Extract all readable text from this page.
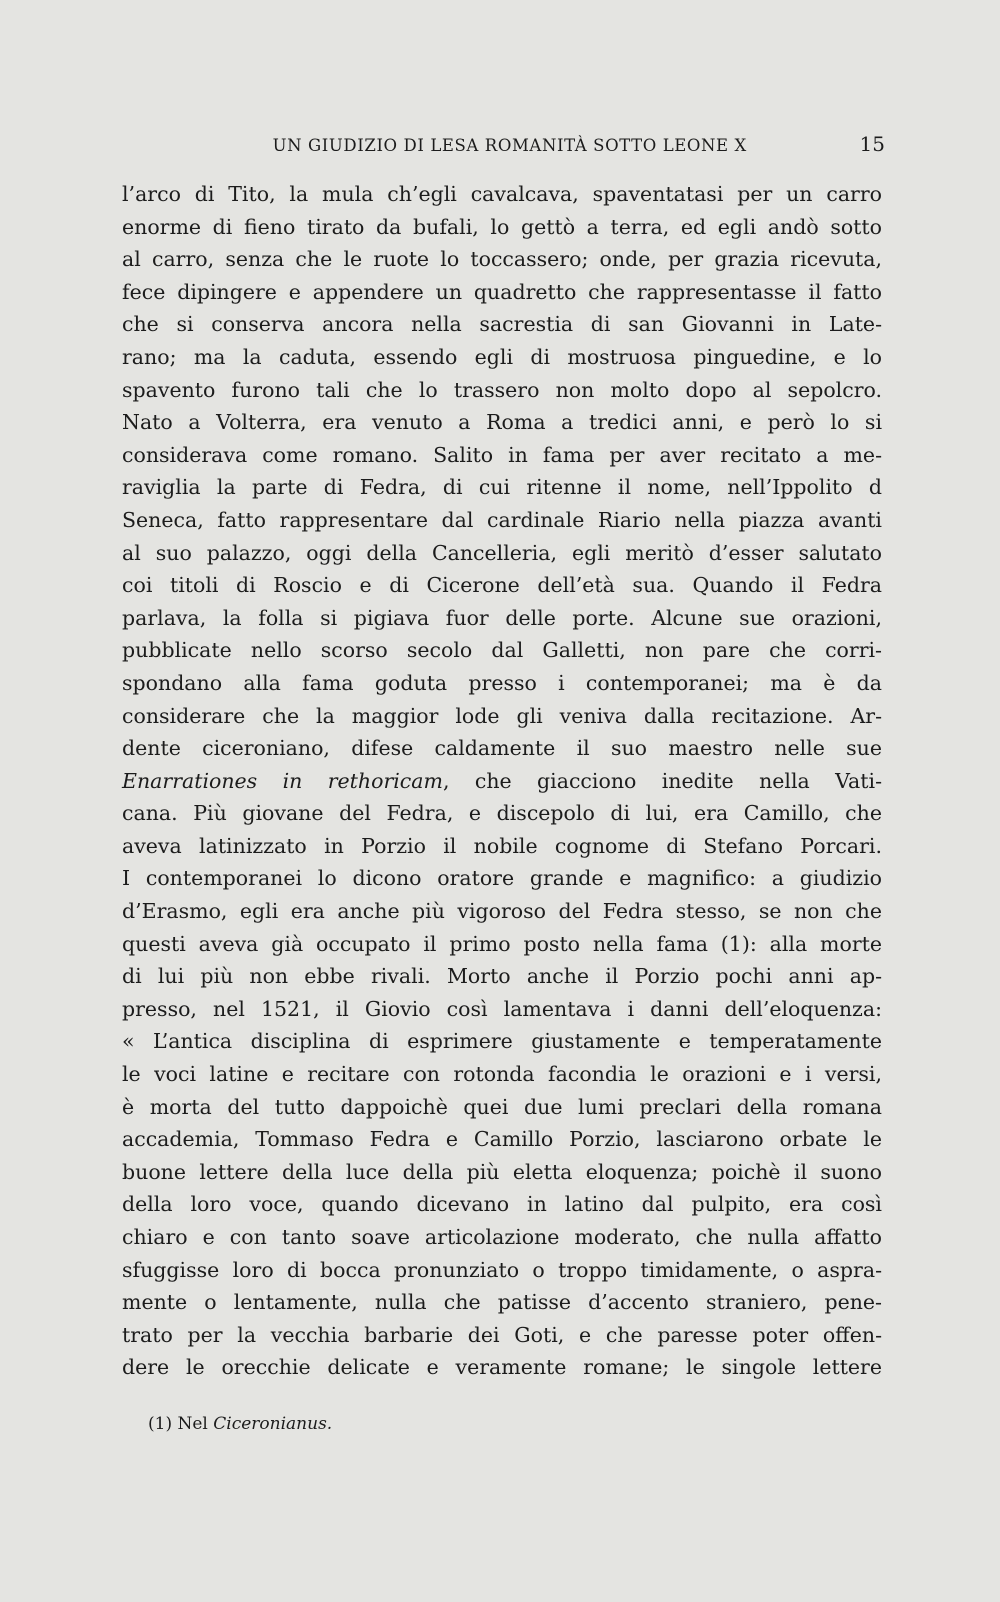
UN GIUDIZIO DI LESA ROMANITÀ SOTTO LEONE X	15
l’arco di Tito, la mula ch’egli cavalcava, spaventatasi per un carro
enorme di fieno tirato da bufali, lo gettò a terra, ed egli andò sotto
al carro, senza che le ruote lo toccassero; onde, per grazia ricevuta,
fece dipingere e appendere un quadretto che rappresentasse il fatto
che si conserva ancora nella sacrestia di san Giovanni in Late-
rano; ma la caduta, essendo egli di mostruosa pinguedine, e lo
spavento furono tali che lo trassero non molto dopo al sepolcro.
Nato a Volterra, era venuto a Roma a tredici anni, e però lo si
considerava come romano. Salito in fama per aver recitato a me-
raviglia la parte di Fedra, di cui ritenne il nome, nell’Ippolito d
Seneca, fatto rappresentare dal cardinale Riario nella piazza avanti
al suo palazzo, oggi della Cancelleria, egli meritò d’esser salutato
coi titoli di Roscio e di Cicerone dell’età sua. Quando il Fedra
parlava, la folla si pigiava fuor delle porte. Alcune sue orazioni,
pubblicate nello scorso secolo dal Galletti, non pare che corri-
spondano alla fama goduta presso i contemporanei; ma è da
considerare che la maggior lode gli veniva dalla recitazione. Ar-
dente ciceroniano, difese caldamente il suo maestro nelle sue
Enarrationes in rethoricam, che giacciono inedite nella Vati-
cana. Più giovane del Fedra, e discepolo di lui, era Camillo, che
aveva latinizzato in Porzio il nobile cognome di Stefano Porcari.
I contemporanei lo dicono oratore grande e magnifico: a giudizio
d’Erasmo, egli era anche più vigoroso del Fedra stesso, se non che
questi aveva già occupato il primo posto nella fama (1): alla morte
di lui più non ebbe rivali. Morto anche il Porzio pochi anni ap-
presso, nel 1521, il Giovio così lamentava i danni dell’eloquenza:
« L’antica disciplina di esprimere giustamente e temperatamente
le voci latine e recitare con rotonda facondia le orazioni e i versi,
è morta del tutto dappoichè quei due lumi preclari della romana
accademia, Tommaso Fedra e Camillo Porzio, lasciarono orbate le
buone lettere della luce della più eletta eloquenza; poichè il suono
della loro voce, quando dicevano in latino dal pulpito, era così
chiaro e con tanto soave articolazione moderato, che nulla affatto
sfuggisse loro di bocca pronunziato o troppo timidamente, o aspra-
mente o lentamente, nulla che patisse d’accento straniero, pene-
trato per la vecchia barbarie dei Goti, e che paresse poter offen-
dere le orecchie delicate e veramente romane; le singole lettere
(1) Nel Ciceronianus.
